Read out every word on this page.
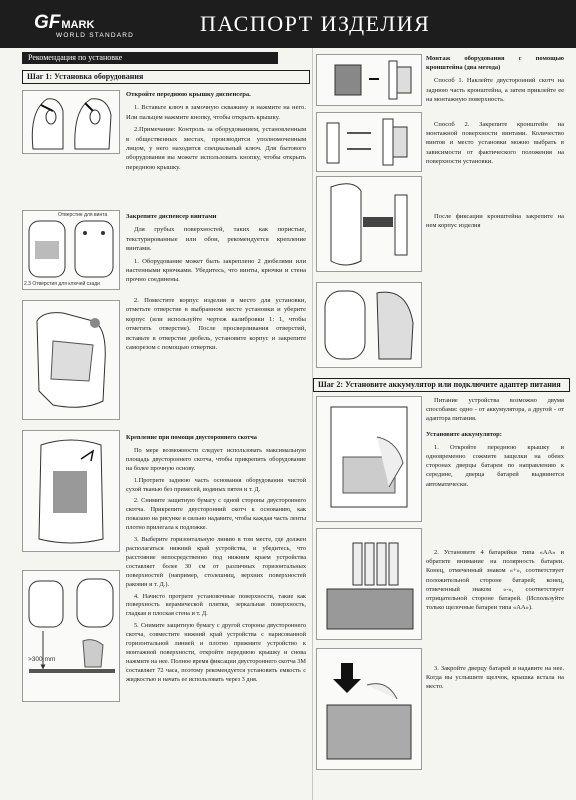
GFMARK
WORLD STANDARD	ПАСПОРТ ИЗДЕЛИЯ
Рекомендация по установке
Шаг 1: Установка оборудования
Отверстие для винта
2.3 Отверстия для ключей сзади
>300 mm

Откройте переднюю крышку диспенсера.

1. Вставьте ключ в замочную скважину и нажмите на него. Или пальцем нажмите кнопку, чтобы открыть крышку.

2.Примечание: Контроль за оборудованием, установленным в общественных местах, производится уполномоченным лицом, у него находится специальный ключ. Для бытового оборудования вы можете использовать кнопку, чтобы открыть переднюю крышку.

Закрепите диспенсер винтами

Для грубых поверхностей, таких как пористые, текстурированные или обои, рекомендуется крепление винтами.

1. Оборудование может быть закреплено 2 дюбелями или настенными крючками. Убедитесь, что винты, крючки и стена прочно соединены.

2. Поместите корпус изделия в место для установки, отметьте отверстие в выбранном месте установки и уберите корпус (или используйте чертеж калибровки 1: 1, чтобы отметить отверстие). После просверливания отверстий, вставьте в отверстие дюбель, установите корпус и закрепите саморезом с помощью отвертки.

Крепление при помощи двустороннего скотча

По мере возможности следует использовать максимальную площадь двустороннего скотча, чтобы прикрепить оборудование на более прочную основу.

1.Протрите заднюю часть основания оборудования чистой сухой тканью без примесей, водяных пятен и т. Д.

2. Снимите защитную бумагу с одной стороны двустороннего скотча. Прикрепите двусторонний скотч к основанию, как показано на рисунке и сильно надавите, чтобы каждая часть ленты плотно прилегала к подложке.

3. Выберите горизонтальную линию в том месте, где должен располагаться нижний край устройства, и убедитесь, что расстояние непосредственно под нижним краем устройства составляет более 30 см от различных горизонтальных поверхностей (например, столешниц, верхних поверхностей раковин и т. Д.).

4. Начисто протрите установочные поверхности, такие как поверхность керамической плитки, зеркальная поверхность, гладкая и плоская стена и т. Д.

5. Снимите защитную бумагу с другой стороны двустороннего скотча, совместите нижний край устройства с нарисованной горизонтальной линией и плотно прижмите устройство к монтажной поверхности, откройте переднюю крышку и снова нажмите на нее. Полное время фиксации двустороннего скотча 3М составляет 72 часа, поэтому рекомендуется установить емкость с жидкостью и начать ее использовать через 3 дня.

Шаг 2: Установите аккумулятор или подключите адаптер питания

Монтаж оборудования с помощью кронштейна (два метода)

Способ 1. Наклейте двусторонний скотч на заднюю часть кронштейна, а затем приклейте ее на монтажную поверхность.

Способ 2. Закрепите кронштейн на монтажной поверхности винтами. Количество винтов и место установки можно выбрать в зависимости от фактического положения на поверхности установки.

После фиксации кронштейна закрепите на нем корпус изделия

Питание устройства возможно двумя способами: одно - от аккумулятора, а другой - от адаптора питания.

Установите аккумулятор:

1. Откройте переднюю крышку и одновременно сожмите защелки на обеих сторонах дверцы батареи по направлению к середине, дверца батарей выдвинется автоматически.

2. Установите 4 батарейки типа «АА» и обратите внимание на полярность батареи. Конец, отмеченный знаком «+», соответствует положительной стороне батарей; конец, отмеченный знаком «-», соответствует отрицательной стороне батарей. (Используйте только щелочные батареи типа «АА»).

3. Закройте дверцу батарей и надавите на нее. Когда вы услышите щелчок, крышка встала на место.
